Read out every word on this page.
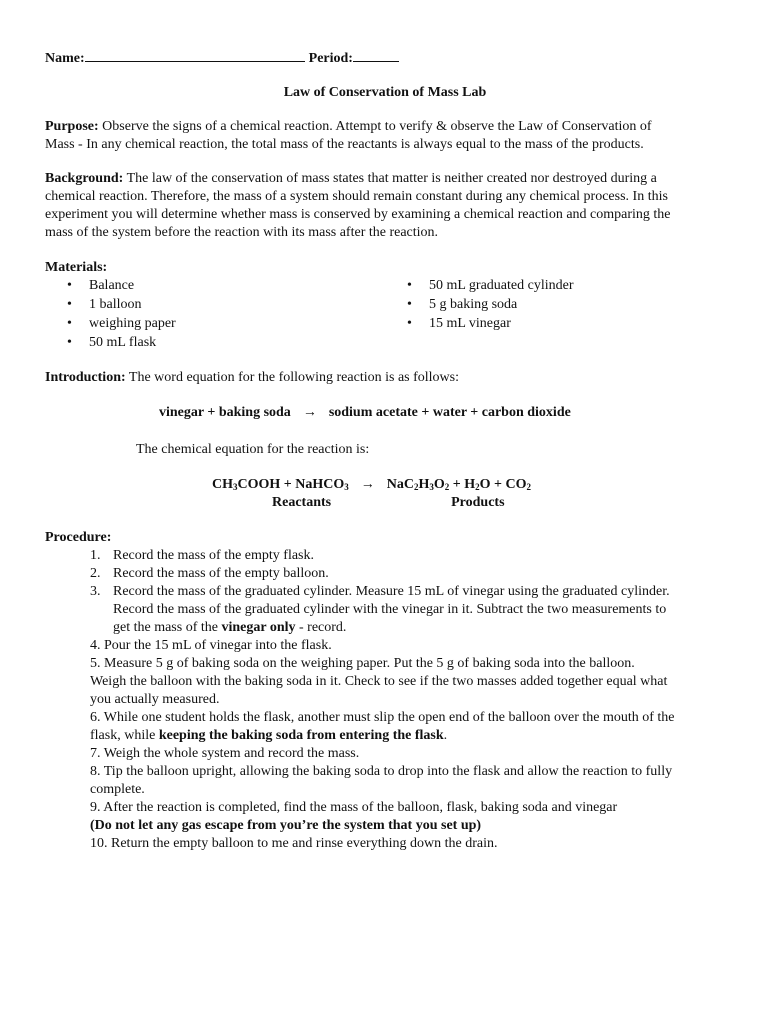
Name:	Period:
Law of Conservation of Mass Lab
Purpose: Observe the signs of a chemical reaction. Attempt to verify & observe the Law of Conservation of
Mass - In any chemical reaction, the total mass of the reactants is always equal to the mass of the products.
Background: The law of the conservation of mass states that matter is neither created nor destroyed during a
chemical reaction. Therefore, the mass of a system should remain constant during any chemical process. In this
experiment you will determine whether mass is conserved by examining a chemical reaction and comparing the
mass of the system before the reaction with its mass after the reaction.
Materials:
• Balance
• 1 balloon
• weighing paper
• 50 mL flask
• 50 mL graduated cylinder
• 5 g baking soda
• 15 mL vinegar
Introduction: The word equation for the following reaction is as follows:
vinegar + baking soda → sodium acetate + water + carbon dioxide
The chemical equation for the reaction is:
$CH_3COOH$ + NaHCO$_3$ → $NaC_2H_3O_2 + H_2O + CO_2$
Reactants	Products
Procedure:
1. Record the mass of the empty flask.
2. Record the mass of the empty balloon.
3. Record the mass of the graduated cylinder. Measure 15 mL of vinegar using the graduated cylinder.
Record the mass of the graduated cylinder with the vinegar in it. Subtract the two measurements to
get the mass of the vinegar only - record.
4. Pour the 15 mL of vinegar into the flask.
5. Measure 5 g of baking soda on the weighing paper. Put the 5 g of baking soda into the balloon.
Weigh the balloon with the baking soda in it. Check to see if the two masses added together equal what
you actually measured.
6. While one student holds the flask, another must slip the open end of the balloon over the mouth of the
flask, while keeping the baking soda from entering the flask.
7. Weigh the whole system and record the mass.
8. Tip the balloon upright, allowing the baking soda to drop into the flask and allow the reaction to fully
complete.
9. After the reaction is completed, find the mass of the balloon, flask, baking soda and vinegar
(Do not let any gas escape from you’re the system that you set up)
10. Return the empty balloon to me and rinse everything down the drain.
